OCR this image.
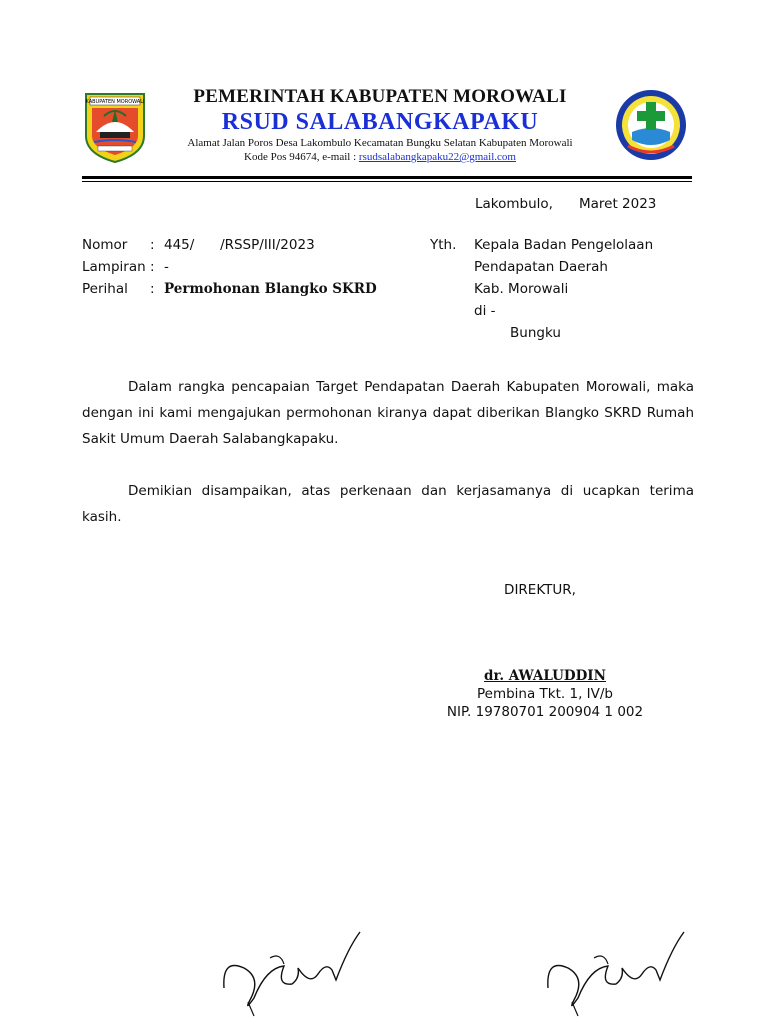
KABUPATEN MOROWALI	PEMERINTAH KABUPATEN MOROWALI
RSUD SALABANGKAPAKU
Alamat Jalan Poros Desa Lakombulo Kecamatan Bungku Selatan Kabupaten Morowali
Kode Pos 94674, e-mail : rsudsalabangkapaku22@gmail.com
Lakombulo, Maret 2023
Nomor	: 445/      /RSSP/III/2023
Lampiran : -
Perihal	: Permohonan Blangko SKRD
Yth. Kepala Badan Pengelolaan
Pendapatan Daerah
Kab. Morowali
di -
Bungku
Dalam rangka pencapaian Target Pendapatan Daerah Kabupaten Morowali, maka dengan ini kami mengajukan permohonan kiranya dapat diberikan Blangko SKRD Rumah Sakit Umum Daerah Salabangkapaku.
Demikian disampaikan, atas perkenaan dan kerjasamanya di ucapkan terima kasih.
DIREKTUR,
dr. AWALUDDIN
Pembina Tkt. 1, IV/b
NIP. 19780701 200904 1 002
